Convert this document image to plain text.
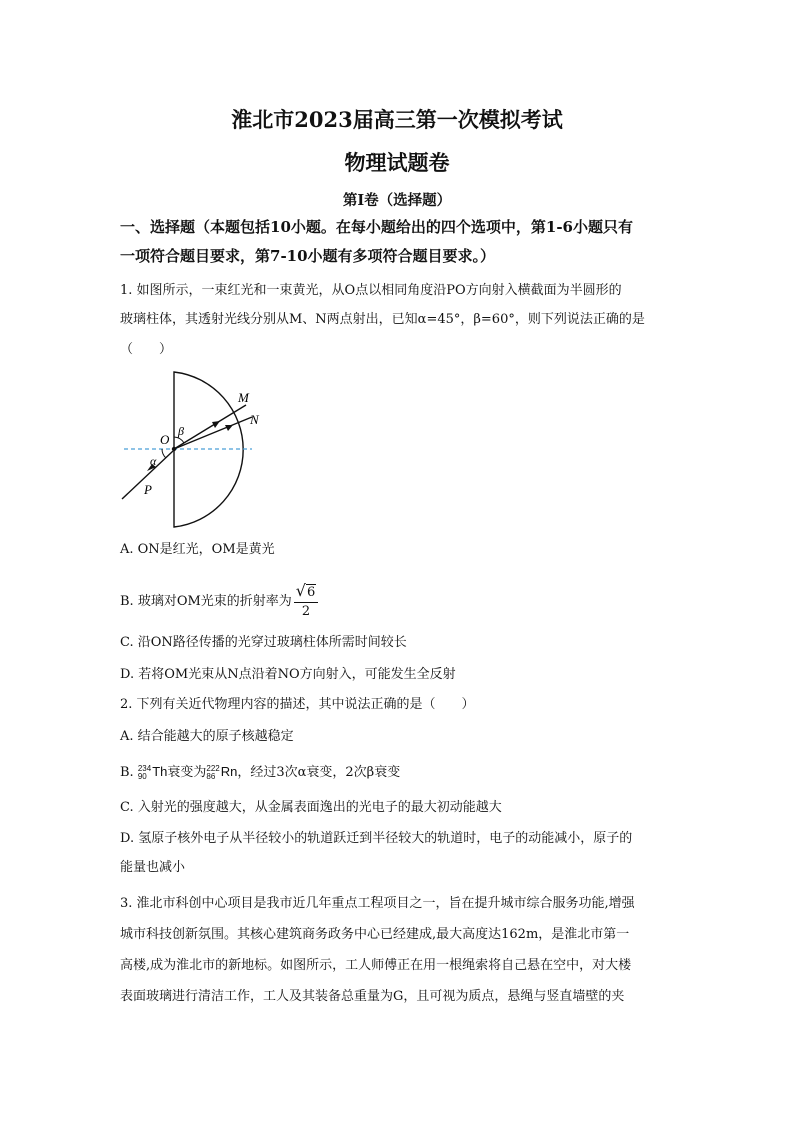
淮北市2023届高三第一次模拟考试
物理试题卷
第I卷（选择题）
一、选择题（本题包括10小题。在每小题给出的四个选项中，第1-6小题只有
一项符合题目要求，第7-10小题有多项符合题目要求。）
1. 如图所示，一束红光和一束黄光，从O点以相同角度沿PO方向射入横截面为半圆形的
玻璃柱体，其透射光线分别从M、N两点射出，已知α=45°，β=60°，则下列说法正确的是
（　　）
M
N
O
P
α
β
A. ON是红光，OM是黄光
B. 玻璃对OM光束的折射率为 $\frac{√6}{2}$
C. 沿ON路径传播的光穿过玻璃柱体所需时间较长
D. 若将OM光束从N点沿着NO方向射入，可能发生全反射
2. 下列有关近代物理内容的描述，其中说法正确的是（　　）
A. 结合能越大的原子核越稳定
B. 234
90 Th衰变为 222
86 Rn，经过3次α衰变，2次β衰变
C. 入射光的强度越大，从金属表面逸出的光电子的最大初动能越大
D. 氢原子核外电子从半径较小的轨道跃迁到半径较大的轨道时，电子的动能减小，原子的
能量也减小
3. 淮北市科创中心项目是我市近几年重点工程项目之一，旨在提升城市综合服务功能,增强
城市科技创新氛围。其核心建筑商务政务中心已经建成,最大高度达162m，是淮北市第一
高楼,成为淮北市的新地标。如图所示，工人师傅正在用一根绳索将自己悬在空中，对大楼
表面玻璃进行清洁工作，工人及其装备总重量为G，且可视为质点，悬绳与竖直墙壁的夹
